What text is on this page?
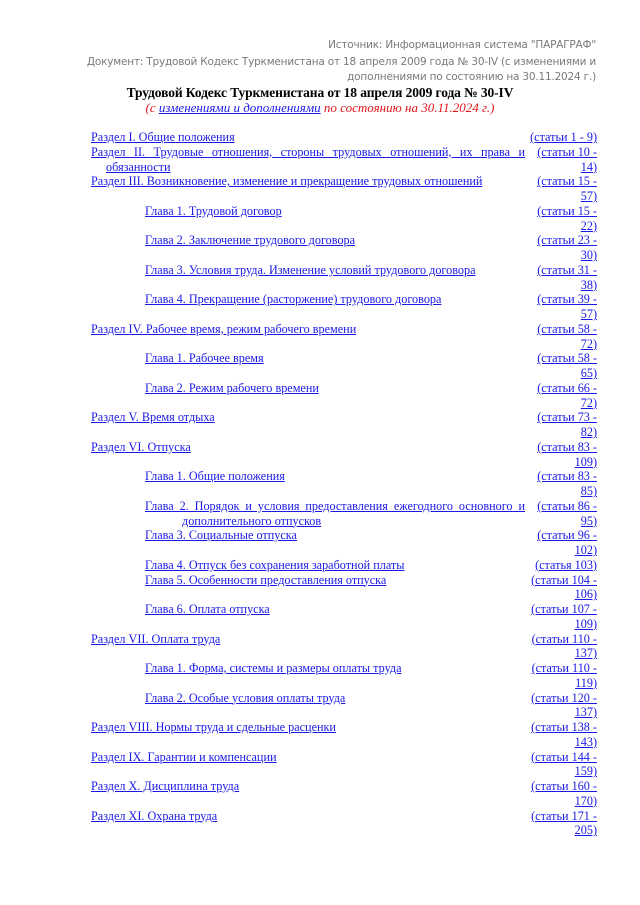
Источник: Информационная система "ПАРАГРАФ"
Документ: Трудовой Кодекс Туркменистана от 18 апреля 2009 года № 30-IV (с изменениями и
дополнениями по состоянию на 30.11.2024 г.)
Трудовой Кодекс Туркменистана от 18 апреля 2009 года № 30-IV
(с изменениями и дополнениями по состоянию на 30.11.2024 г.)
Раздел I. Общие положения	(статьи 1 - 9)
Раздел II. Трудовые отношения, стороны трудовых отношений, их права и обязанности
(статьи 10 - 14)
Раздел III. Возникновение, изменение и прекращение трудовых отношений	(статьи 15 - 57)
Глава 1. Трудовой договор	(статьи 15 - 22)
Глава 2. Заключение трудового договора	(статьи 23 - 30)
Глава 3. Условия труда. Изменение условий трудового договора	(статьи 31 - 38)
Глава 4. Прекращение (расторжение) трудового договора	(статьи 39 - 57)
Раздел IV. Рабочее время, режим рабочего времени	(статьи 58 - 72)
Глава 1. Рабочее время	(статьи 58 - 65)
Глава 2. Режим рабочего времени	(статьи 66 - 72)
Раздел V. Время отдыха	(статьи 73 - 82)
Раздел VI. Отпуска	(статьи 83 - 109)
Глава 1. Общие положения	(статьи 83 - 85)
Глава 2. Порядок и условия предоставления ежегодного основного и дополнительного отпусков
(статьи 86 - 95)
Глава 3. Социальные отпуска	(статьи 96 - 102)
Глава 4. Отпуск без сохранения заработной платы	(статья 103)
Глава 5. Особенности предоставления отпуска	(статьи 104 - 106)
Глава 6. Оплата отпуска	(статьи 107 - 109)
Раздел VII. Оплата труда	(статьи 110 - 137)
Глава 1. Форма, системы и размеры оплаты труда	(статьи 110 - 119)
Глава 2. Особые условия оплаты труда	(статьи 120 - 137)
Раздел VIII. Нормы труда и сдельные расценки	(статьи 138 - 143)
Раздел IX. Гарантии и компенсации	(статьи 144 - 159)
Раздел X. Дисциплина труда	(статьи 160 - 170)
Раздел XI. Охрана труда	(статьи 171 - 205)
